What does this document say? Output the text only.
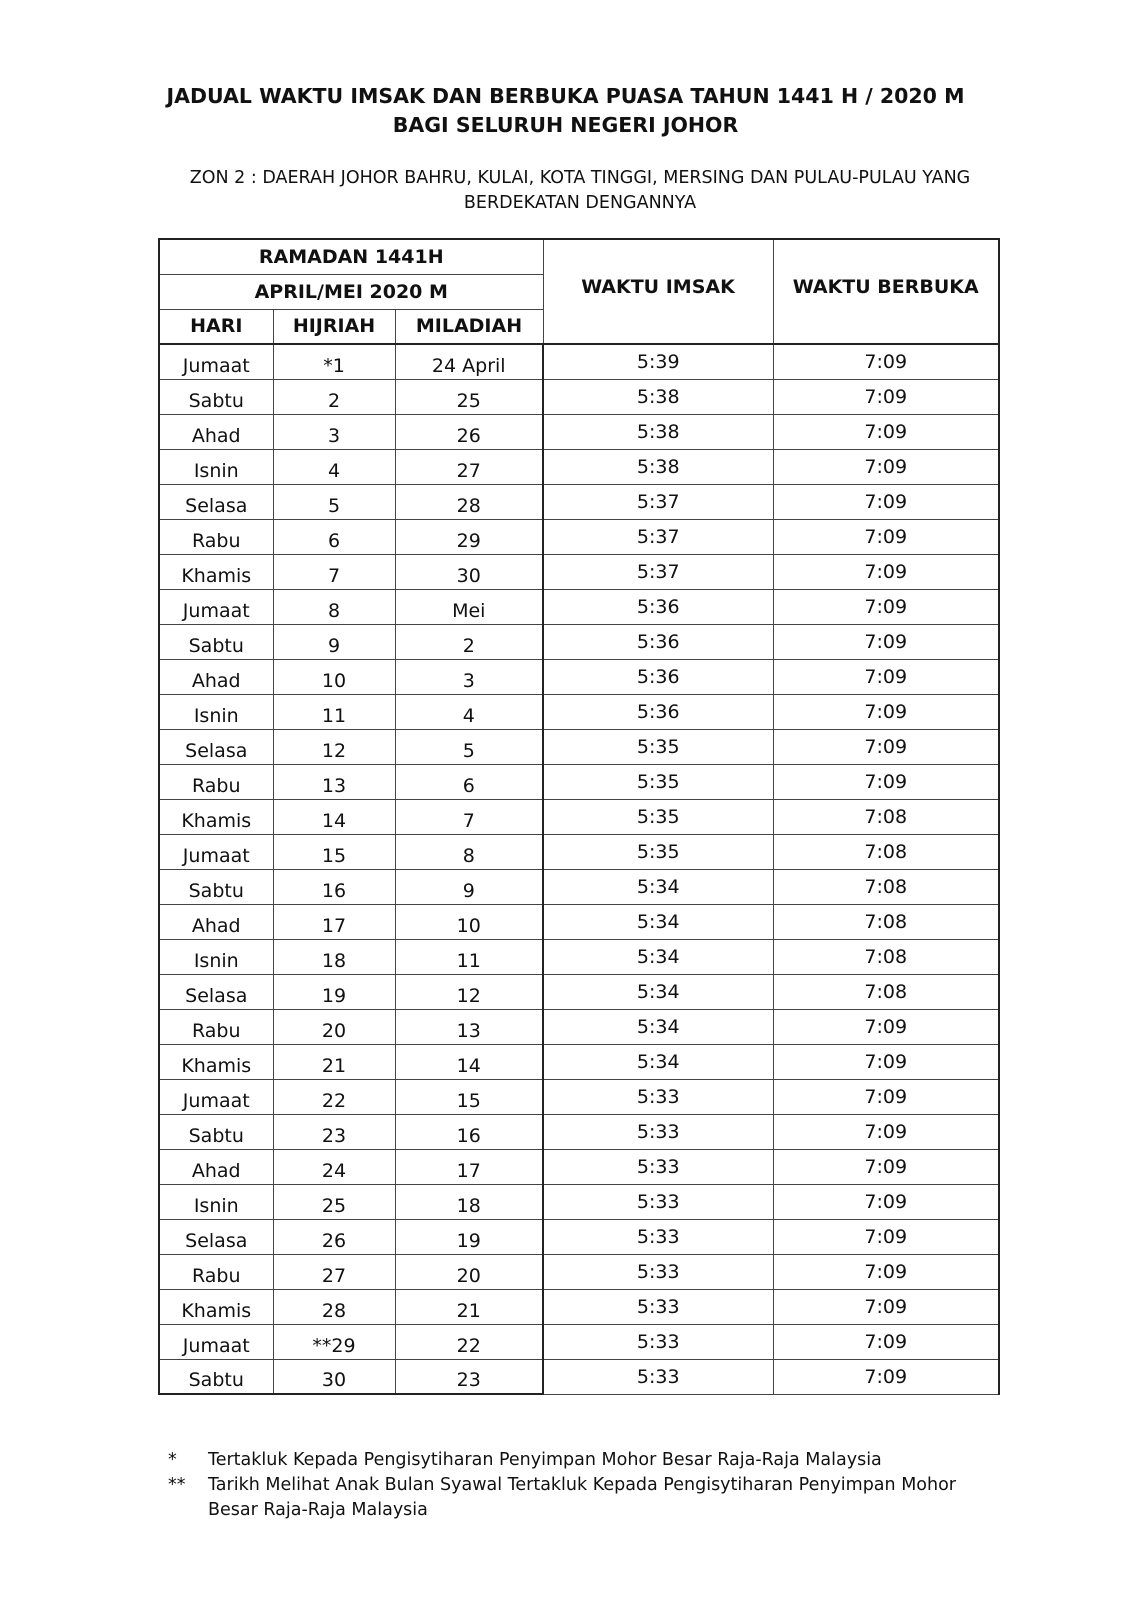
JADUAL WAKTU IMSAK DAN BERBUKA PUASA TAHUN 1441 H / 2020 M
BAGI SELURUH NEGERI JOHOR
ZON 2 : DAERAH JOHOR BAHRU, KULAI, KOTA TINGGI, MERSING DAN PULAU-PULAU YANG BERDEKATAN DENGANNYA
RAMADAN 1441H			WAKTU IMSAK	WAKTU BERBUKA
APRIL/MEI 2020 M				
HARI	HIJRIAH	MILADIAH		
Jumaat	*1	24 April	5:39	7:09
Sabtu	2	25	5:38	7:09
Ahad	3	26	5:38	7:09
Isnin	4	27	5:38	7:09
Selasa	5	28	5:37	7:09
Rabu	6	29	5:37	7:09
Khamis	7	30	5:37	7:09
Jumaat	8	Mei	5:36	7:09
Sabtu	9	2	5:36	7:09
Ahad	10	3	5:36	7:09
Isnin	11	4	5:36	7:09
Selasa	12	5	5:35	7:09
Rabu	13	6	5:35	7:09
Khamis	14	7	5:35	7:08
Jumaat	15	8	5:35	7:08
Sabtu	16	9	5:34	7:08
Ahad	17	10	5:34	7:08
Isnin	18	11	5:34	7:08
Selasa	19	12	5:34	7:08
Rabu	20	13	5:34	7:09
Khamis	21	14	5:34	7:09
Jumaat	22	15	5:33	7:09
Sabtu	23	16	5:33	7:09
Ahad	24	17	5:33	7:09
Isnin	25	18	5:33	7:09
Selasa	26	19	5:33	7:09
Rabu	27	20	5:33	7:09
Khamis	28	21	5:33	7:09
Jumaat	**29	22	5:33	7:09
Sabtu	30	23	5:33	7:09
*	Tertakluk Kepada Pengisytiharan Penyimpan Mohor Besar Raja-Raja Malaysia
**	Tarikh Melihat Anak Bulan Syawal Tertakluk Kepada Pengisytiharan Penyimpan Mohor Besar Raja-Raja Malaysia
